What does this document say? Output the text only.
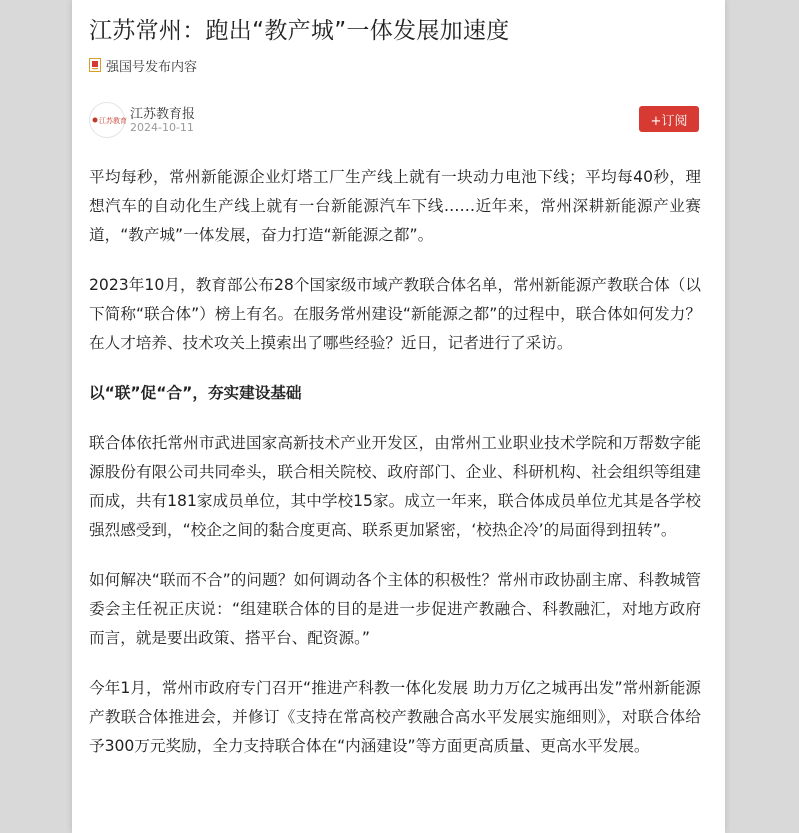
江苏常州：跑出“教产城”一体发展加速度
强国号发布内容
江苏教育 江苏教育报
2024-10-11	+订阅

平均每秒，常州新能源企业灯塔工厂生产线上就有一块动力电池下线；平均每40秒，理想汽车的自动化生产线上就有一台新能源汽车下线……近年来，常州深耕新能源产业赛道，“教产城”一体发展，奋力打造“新能源之都”。

2023年10月，教育部公布28个国家级市域产教联合体名单，常州新能源产教联合体（以下简称“联合体”）榜上有名。在服务常州建设“新能源之都”的过程中，联合体如何发力？在人才培养、技术攻关上摸索出了哪些经验？近日，记者进行了采访。

以“联”促“合”，夯实建设基础

联合体依托常州市武进国家高新技术产业开发区，由常州工业职业技术学院和万帮数字能源股份有限公司共同牵头，联合相关院校、政府部门、企业、科研机构、社会组织等组建而成，共有181家成员单位，其中学校15家。成立一年来，联合体成员单位尤其是各学校强烈感受到，“校企之间的黏合度更高、联系更加紧密，‘校热企冷’的局面得到扭转”。

如何解决“联而不合”的问题？如何调动各个主体的积极性？常州市政协副主席、科教城管委会主任祝正庆说：“组建联合体的目的是进一步促进产教融合、科教融汇，对地方政府而言，就是要出政策、搭平台、配资源。”

今年1月，常州市政府专门召开“推进产科教一体化发展 助力万亿之城再出发”常州新能源产教联合体推进会，并修订《支持在常高校产教融合高水平发展实施细则》，对联合体给予300万元奖励，全力支持联合体在“内涵建设”等方面更高质量、更高水平发展。
